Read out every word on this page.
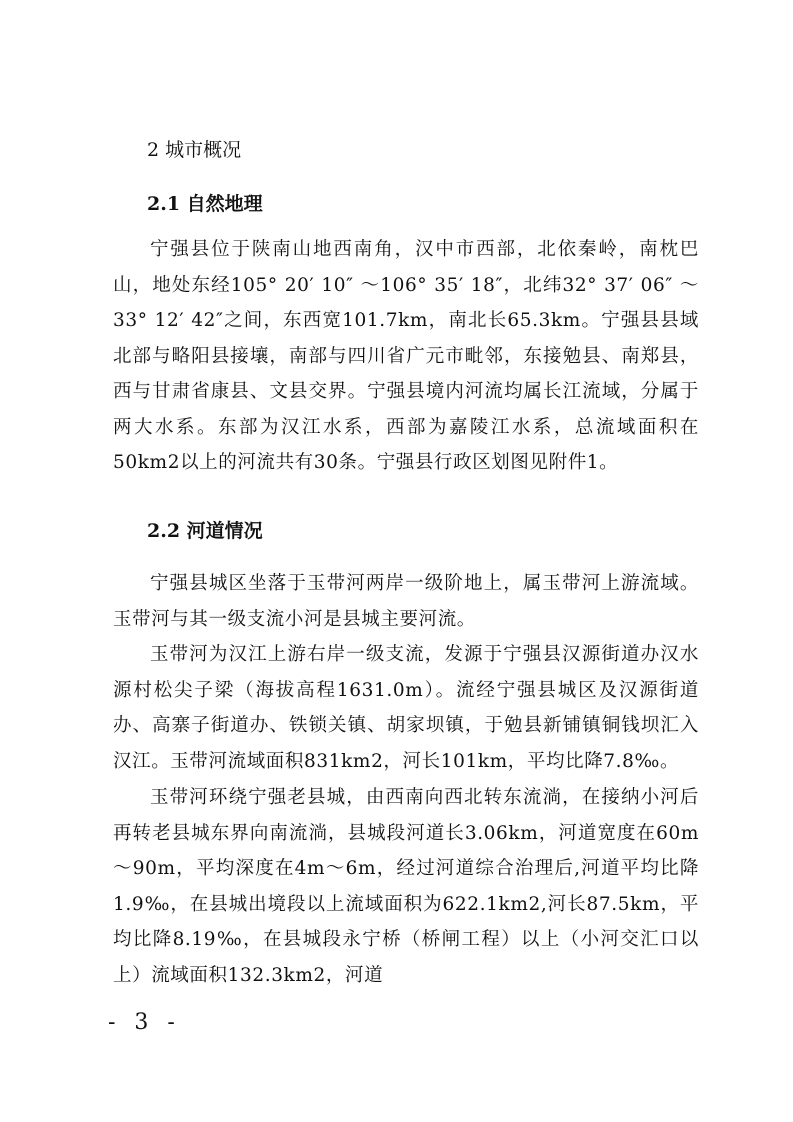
2 城市概况
2.1 自然地理

宁强县位于陕南山地西南角，汉中市西部，北依秦岭，南枕巴山，地处东经105° 20′ 10″ ～106° 35′ 18″，北纬32° 37′ 06″ ～33° 12′ 42″之间，东西宽101.7km，南北长65.3km。宁强县县域北部与略阳县接壤，南部与四川省广元市毗邻，东接勉县、南郑县，西与甘肃省康县、文县交界。宁强县境内河流均属长江流域，分属于两大水系。东部为汉江水系，西部为嘉陵江水系，总流域面积在50km2以上的河流共有30条。宁强县行政区划图见附件1。

2.2 河道情况

宁强县城区坐落于玉带河两岸一级阶地上，属玉带河上游流域。玉带河与其一级支流小河是县城主要河流。

玉带河为汉江上游右岸一级支流，发源于宁强县汉源街道办汉水源村松尖子梁（海拔高程1631.0m）。流经宁强县城区及汉源街道办、高寨子街道办、铁锁关镇、胡家坝镇，于勉县新铺镇铜钱坝汇入汉江。玉带河流域面积831km2，河长101km，平均比降7.8‰。

玉带河环绕宁强老县城，由西南向西北转东流淌，在接纳小河后再转老县城东界向南流淌，县城段河道长3.06km，河道宽度在60m～90m，平均深度在4m～6m，经过河道综合治理后,河道平均比降1.9‰，在县城出境段以上流域面积为622.1km2,河长87.5km，平均比降8.19‰，在县城段永宁桥（桥闸工程）以上（小河交汇口以上）流域面积132.3km2，河道

- 3 -
